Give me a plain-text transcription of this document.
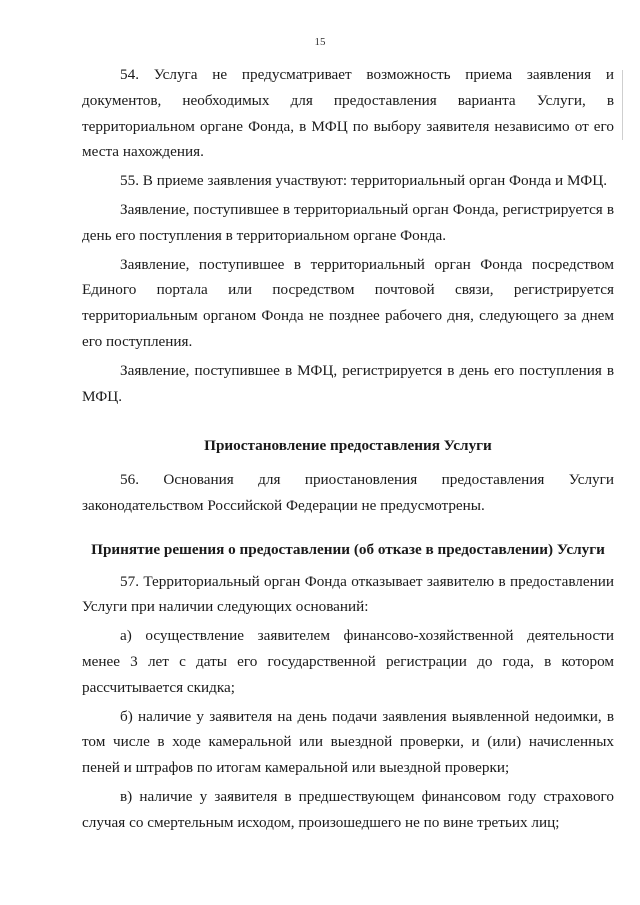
15

54. Услуга не предусматривает возможность приема заявления и документов, необходимых для предоставления варианта Услуги, в территориальном органе Фонда, в МФЦ по выбору заявителя независимо от его места нахождения.

55. В приеме заявления участвуют: территориальный орган Фонда и МФЦ.

Заявление, поступившее в территориальный орган Фонда, регистрируется в день его поступления в территориальном органе Фонда.

Заявление, поступившее в территориальный орган Фонда посредством Единого портала или посредством почтовой связи, регистрируется территориальным органом Фонда не позднее рабочего дня, следующего за днем его поступления.

Заявление, поступившее в МФЦ, регистрируется в день его поступления в МФЦ.

Приостановление предоставления Услуги

56. Основания для приостановления предоставления Услуги законодательством Российской Федерации не предусмотрены.

Принятие решения о предоставлении (об отказе в предоставлении) Услуги

57. Территориальный орган Фонда отказывает заявителю в предоставлении Услуги при наличии следующих оснований:

а) осуществление заявителем финансово-хозяйственной деятельности менее 3 лет с даты его государственной регистрации до года, в котором рассчитывается скидка;

б) наличие у заявителя на день подачи заявления выявленной недоимки, в том числе в ходе камеральной или выездной проверки, и (или) начисленных пеней и штрафов по итогам камеральной или выездной проверки;

в) наличие у заявителя в предшествующем финансовом году страхового случая со смертельным исходом, произошедшего не по вине третьих лиц;
